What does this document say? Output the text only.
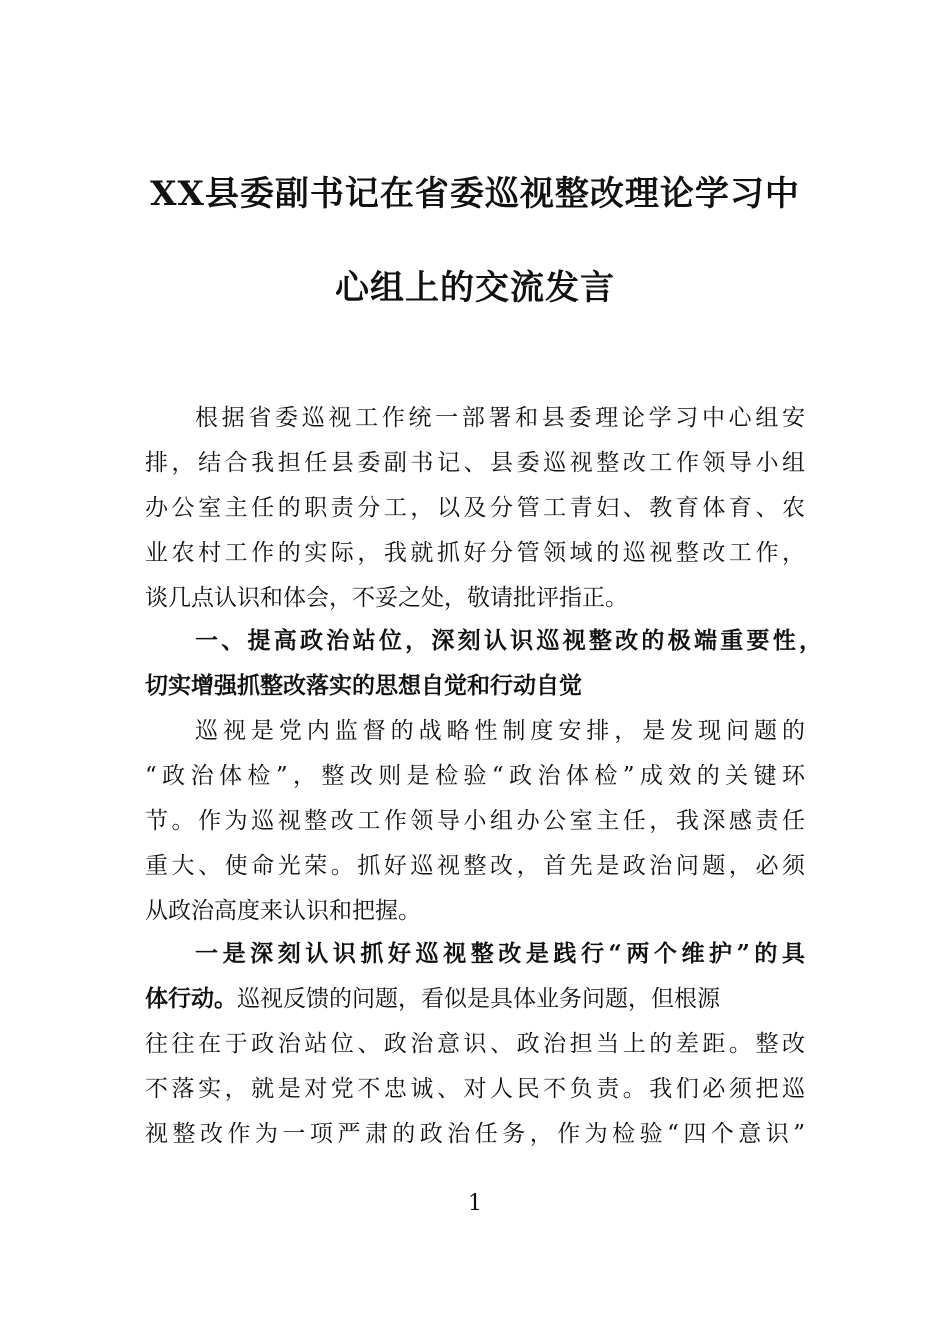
XX县委副书记在省委巡视整改理论学习中
心组上的交流发言
根据省委巡视工作统一部署和县委理论学习中心组安
排，结合我担任县委副书记、县委巡视整改工作领导小组
办公室主任的职责分工，以及分管工青妇、教育体育、农
业农村工作的实际，我就抓好分管领域的巡视整改工作，
谈几点认识和体会，不妥之处，敬请批评指正。
一、提高政治站位，深刻认识巡视整改的极端重要性，
切实增强抓整改落实的思想自觉和行动自觉
巡视是党内监督的战略性制度安排，是发现问题的
“政治体检”，整改则是检验“政治体检”成效的关键环
节。作为巡视整改工作领导小组办公室主任，我深感责任
重大、使命光荣。抓好巡视整改，首先是政治问题，必须
从政治高度来认识和把握。
一是深刻认识抓好巡视整改是践行“两个维护”的具
体行动。巡视反馈的问题，看似是具体业务问题，但根源
往往在于政治站位、政治意识、政治担当上的差距。整改
不落实，就是对党不忠诚、对人民不负责。我们必须把巡
视整改作为一项严肃的政治任务，作为检验“四个意识”
1
